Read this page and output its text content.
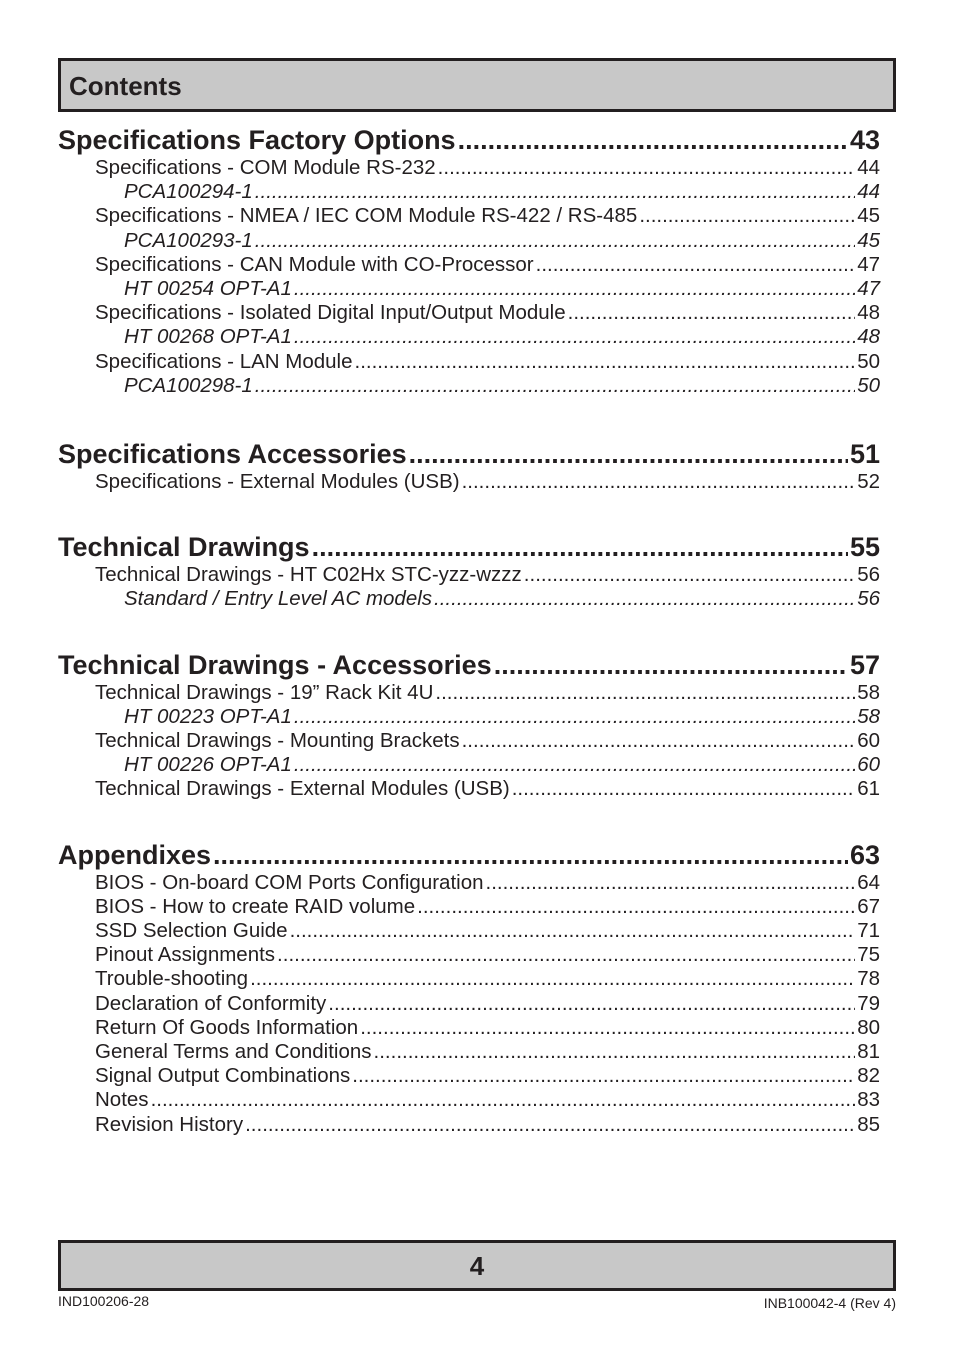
Contents
Specifications Factory Options .....	43
Specifications - COM Module RS-232 .....	44
PCA100294-1 .....	44
Specifications - NMEA / IEC COM Module RS-422 / RS-485 .....	45
PCA100293-1 .....	45
Specifications - CAN Module with CO-Processor .....	47
HT 00254 OPT-A1 .....	47
Specifications - Isolated Digital Input/Output Module .....	48
HT 00268 OPT-A1 .....	48
Specifications - LAN Module .....	50
PCA100298-1 .....	50
Specifications Accessories .....	51
Specifications - External Modules (USB) .....	52
Technical Drawings .....	55
Technical Drawings - HT C02Hx STC-yzz-wzzz .....	56
Standard / Entry Level AC models .....	56
Technical Drawings - Accessories .....	57
Technical Drawings - 19” Rack Kit 4U .....	58
HT 00223 OPT-A1 .....	58
Technical Drawings - Mounting Brackets .....	60
HT 00226 OPT-A1 .....	60
Technical Drawings - External Modules (USB) .....	61
Appendixes .....	63
BIOS - On-board COM Ports Configuration .....	64
BIOS - How to create RAID volume .....	67
SSD Selection Guide .....	71
Pinout Assignments .....	75
Trouble-shooting .....	78
Declaration of Conformity .....	79
Return Of Goods Information .....	80
General Terms and Conditions .....	81
Signal Output Combinations .....	82
Notes .....	83
Revision History .....	85
4
IND100206-28	INB100042-4 (Rev 4)
